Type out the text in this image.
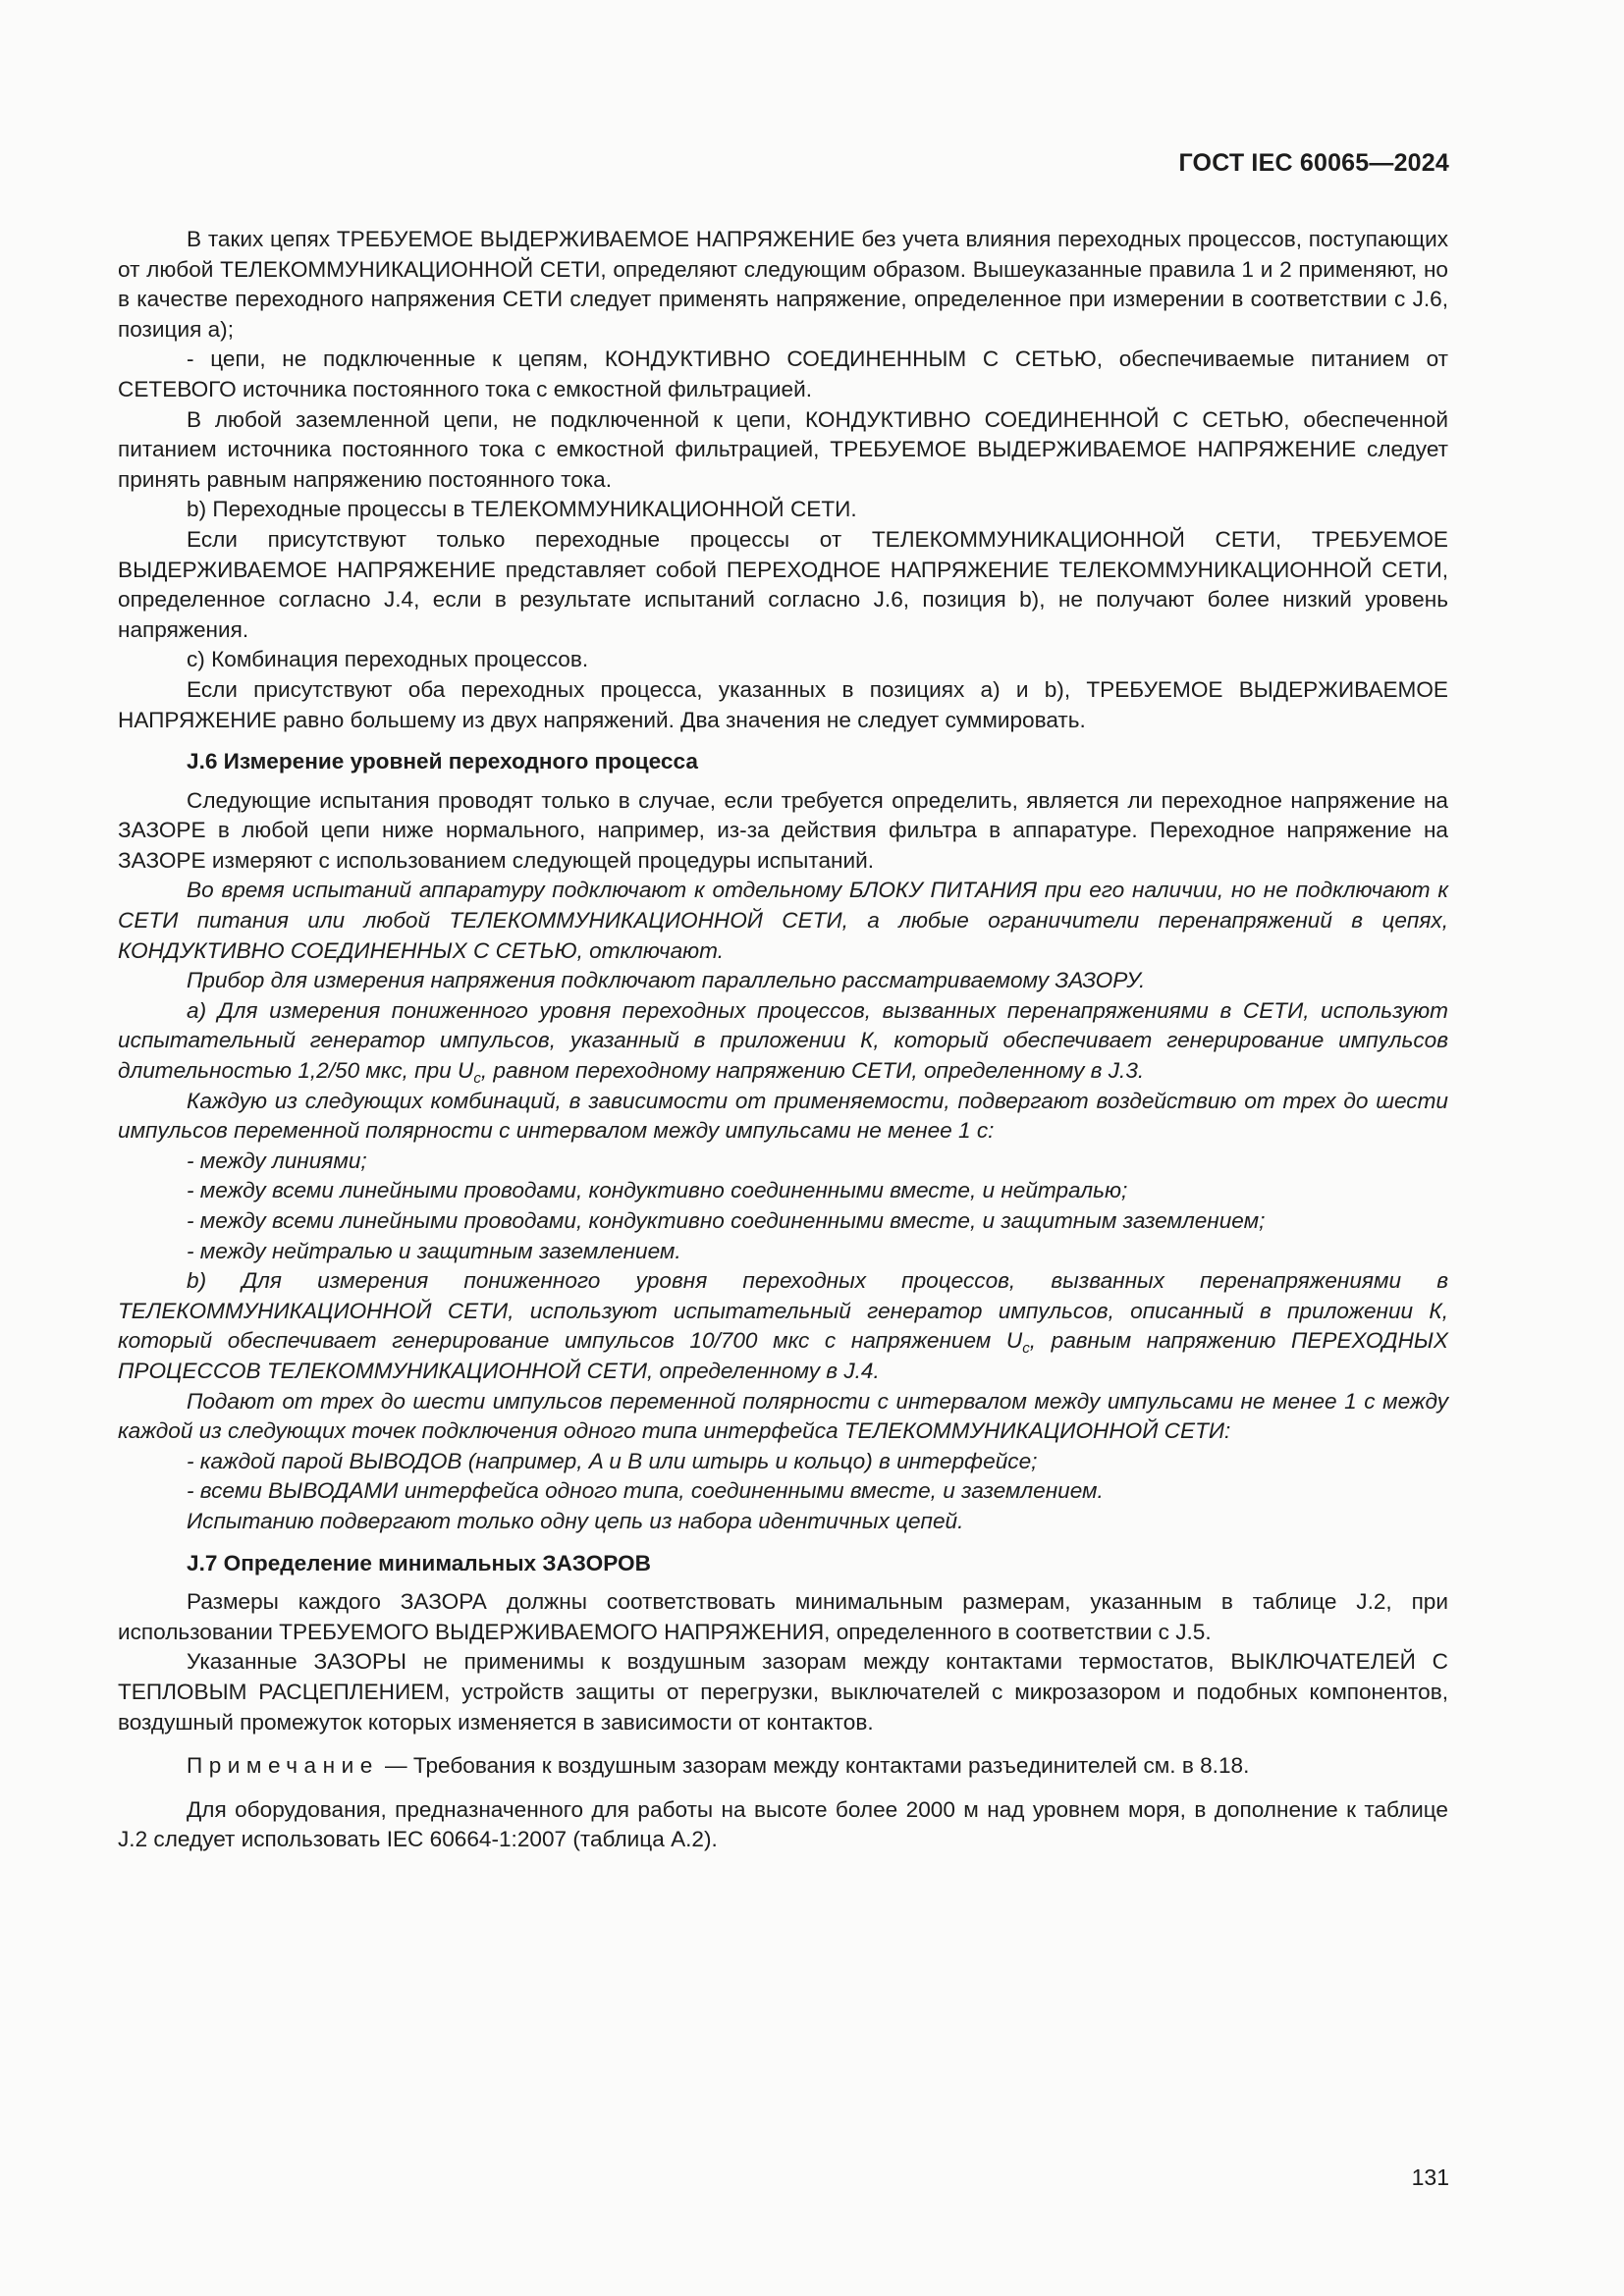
ГОСТ IEC 60065—2024

В таких цепях ТРЕБУЕМОЕ ВЫДЕРЖИВАЕМОЕ НАПРЯЖЕНИЕ без учета влияния переходных процессов, поступающих от любой ТЕЛЕКОММУНИКАЦИОННОЙ СЕТИ, определяют следующим образом. Вышеуказанные правила 1 и 2 применяют, но в качестве переходного напряжения СЕТИ следует применять напряжение, определенное при измерении в соответствии с J.6, позиция a);

- цепи, не подключенные к цепям, КОНДУКТИВНО СОЕДИНЕННЫМ С СЕТЬЮ, обеспечиваемые питанием от СЕТЕВОГО источника постоянного тока с емкостной фильтрацией.

В любой заземленной цепи, не подключенной к цепи, КОНДУКТИВНО СОЕДИНЕННОЙ С СЕТЬЮ, обеспеченной питанием источника постоянного тока с емкостной фильтрацией, ТРЕБУЕМОЕ ВЫДЕРЖИВАЕМОЕ НАПРЯЖЕНИЕ следует принять равным напряжению постоянного тока.

b) Переходные процессы в ТЕЛЕКОММУНИКАЦИОННОЙ СЕТИ.

Если присутствуют только переходные процессы от ТЕЛЕКОММУНИКАЦИОННОЙ СЕТИ, ТРЕБУЕМОЕ ВЫДЕРЖИВАЕМОЕ НАПРЯЖЕНИЕ представляет собой ПЕРЕХОДНОЕ НАПРЯЖЕНИЕ ТЕЛЕКОММУНИКАЦИОННОЙ СЕТИ, определенное согласно J.4, если в результате испытаний согласно J.6, позиция b), не получают более низкий уровень напряжения.

c) Комбинация переходных процессов.

Если присутствуют оба переходных процесса, указанных в позициях a) и b), ТРЕБУЕМОЕ ВЫДЕРЖИВАЕМОЕ НАПРЯЖЕНИЕ равно большему из двух напряжений. Два значения не следует суммировать.

J.6 Измерение уровней переходного процесса

Следующие испытания проводят только в случае, если требуется определить, является ли переходное напряжение на ЗАЗОРЕ в любой цепи ниже нормального, например, из-за действия фильтра в аппаратуре. Переходное напряжение на ЗАЗОРЕ измеряют с использованием следующей процедуры испытаний.

Во время испытаний аппаратуру подключают к отдельному БЛОКУ ПИТАНИЯ при его наличии, но не подключают к СЕТИ питания или любой ТЕЛЕКОММУНИКАЦИОННОЙ СЕТИ, а любые ограничители перенапряжений в цепях, КОНДУКТИВНО СОЕДИНЕННЫХ С СЕТЬЮ, отключают.

Прибор для измерения напряжения подключают параллельно рассматриваемому ЗАЗОРУ.

a) Для измерения пониженного уровня переходных процессов, вызванных перенапряжениями в СЕТИ, используют испытательный генератор импульсов, указанный в приложении К, который обеспечивает генерирование импульсов длительностью 1,2/50 мкс, при $U_c$, равном переходному напряжению СЕТИ, определенному в J.3.

Каждую из следующих комбинаций, в зависимости от применяемости, подвергают воздействию от трех до шести импульсов переменной полярности с интервалом между импульсами не менее 1 с:

- между линиями;

- между всеми линейными проводами, кондуктивно соединенными вместе, и нейтралью;

- между всеми линейными проводами, кондуктивно соединенными вместе, и защитным заземлением;

- между нейтралью и защитным заземлением.

b) Для измерения пониженного уровня переходных процессов, вызванных перенапряжениями в ТЕЛЕКОММУНИКАЦИОННОЙ СЕТИ, используют испытательный генератор импульсов, описанный в приложении К, который обеспечивает генерирование импульсов 10/700 мкс с напряжением $U_c$, равным напряжению ПЕРЕХОДНЫХ ПРОЦЕССОВ ТЕЛЕКОММУНИКАЦИОННОЙ СЕТИ, определенному в J.4.

Подают от трех до шести импульсов переменной полярности с интервалом между импульсами не менее 1 с между каждой из следующих точек подключения одного типа интерфейса ТЕЛЕКОММУНИКАЦИОННОЙ СЕТИ:

- каждой парой ВЫВОДОВ (например, A и B или штырь и кольцо) в интерфейсе;

- всеми ВЫВОДАМИ интерфейса одного типа, соединенными вместе, и заземлением.

Испытанию подвергают только одну цепь из набора идентичных цепей.

J.7 Определение минимальных ЗАЗОРОВ

Размеры каждого ЗАЗОРА должны соответствовать минимальным размерам, указанным в таблице J.2, при использовании ТРЕБУЕМОГО ВЫДЕРЖИВАЕМОГО НАПРЯЖЕНИЯ, определенного в соответствии с J.5.

Указанные ЗАЗОРЫ не применимы к воздушным зазорам между контактами термостатов, ВЫКЛЮЧАТЕЛЕЙ С ТЕПЛОВЫМ РАСЦЕПЛЕНИЕМ, устройств защиты от перегрузки, выключателей с микрозазором и подобных компонентов, воздушный промежуток которых изменяется в зависимости от контактов.

Примечание — Требования к воздушным зазорам между контактами разъединителей см. в 8.18.

Для оборудования, предназначенного для работы на высоте более 2000 м над уровнем моря, в дополнение к таблице J.2 следует использовать IEC 60664-1:2007 (таблица А.2).

131
